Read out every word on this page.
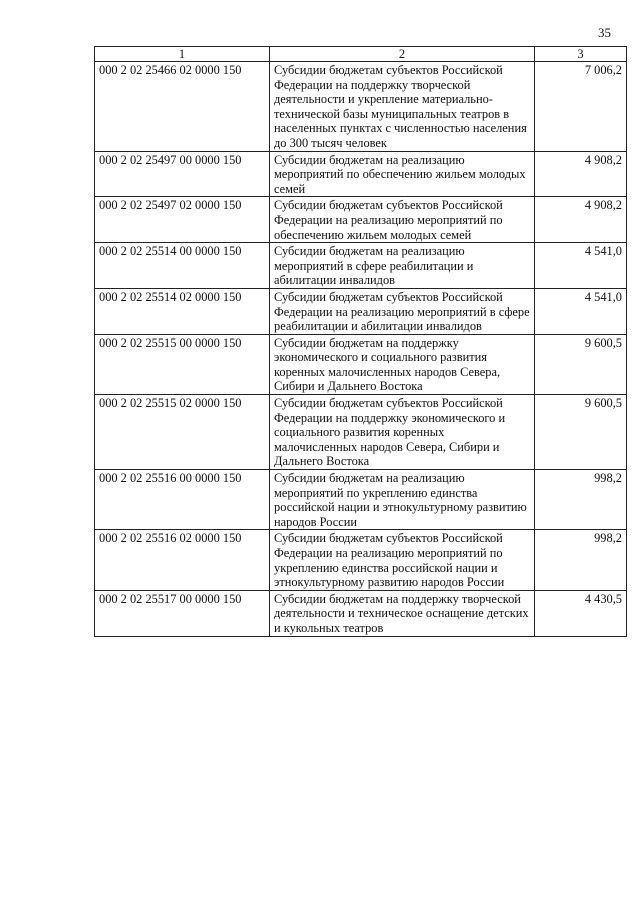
35
1	2	3
000 2 02 25466 02 0000 150	Субсидии бюджетам субъектов Российской Федерации на поддержку творческой деятельности и укрепление материально-технической базы муниципальных театров в населенных пунктах с численностью населения до 300 тысяч человек	7 006,2
000 2 02 25497 00 0000 150	Субсидии бюджетам на реализацию мероприятий по обеспечению жильем молодых семей	4 908,2
000 2 02 25497 02 0000 150	Субсидии бюджетам субъектов Российской Федерации на реализацию мероприятий по обеспечению жильем молодых семей	4 908,2
000 2 02 25514 00 0000 150	Субсидии бюджетам на реализацию мероприятий в сфере реабилитации и абилитации инвалидов	4 541,0
000 2 02 25514 02 0000 150	Субсидии бюджетам субъектов Российской Федерации на реализацию мероприятий в сфере реабилитации и абилитации инвалидов	4 541,0
000 2 02 25515 00 0000 150	Субсидии бюджетам на поддержку экономического и социального развития коренных малочисленных народов Севера, Сибири и Дальнего Востока	9 600,5
000 2 02 25515 02 0000 150	Субсидии бюджетам субъектов Российской Федерации на поддержку экономического и социального развития коренных малочисленных народов Севера, Сибири и Дальнего Востока	9 600,5
000 2 02 25516 00 0000 150	Субсидии бюджетам на реализацию мероприятий по укреплению единства российской нации и этнокультурному развитию народов России	998,2
000 2 02 25516 02 0000 150	Субсидии бюджетам субъектов Российской Федерации на реализацию мероприятий по укреплению единства российской нации и этнокультурному развитию народов России	998,2
000 2 02 25517 00 0000 150	Субсидии бюджетам на поддержку творческой деятельности и техническое оснащение детских и кукольных театров	4 430,5
